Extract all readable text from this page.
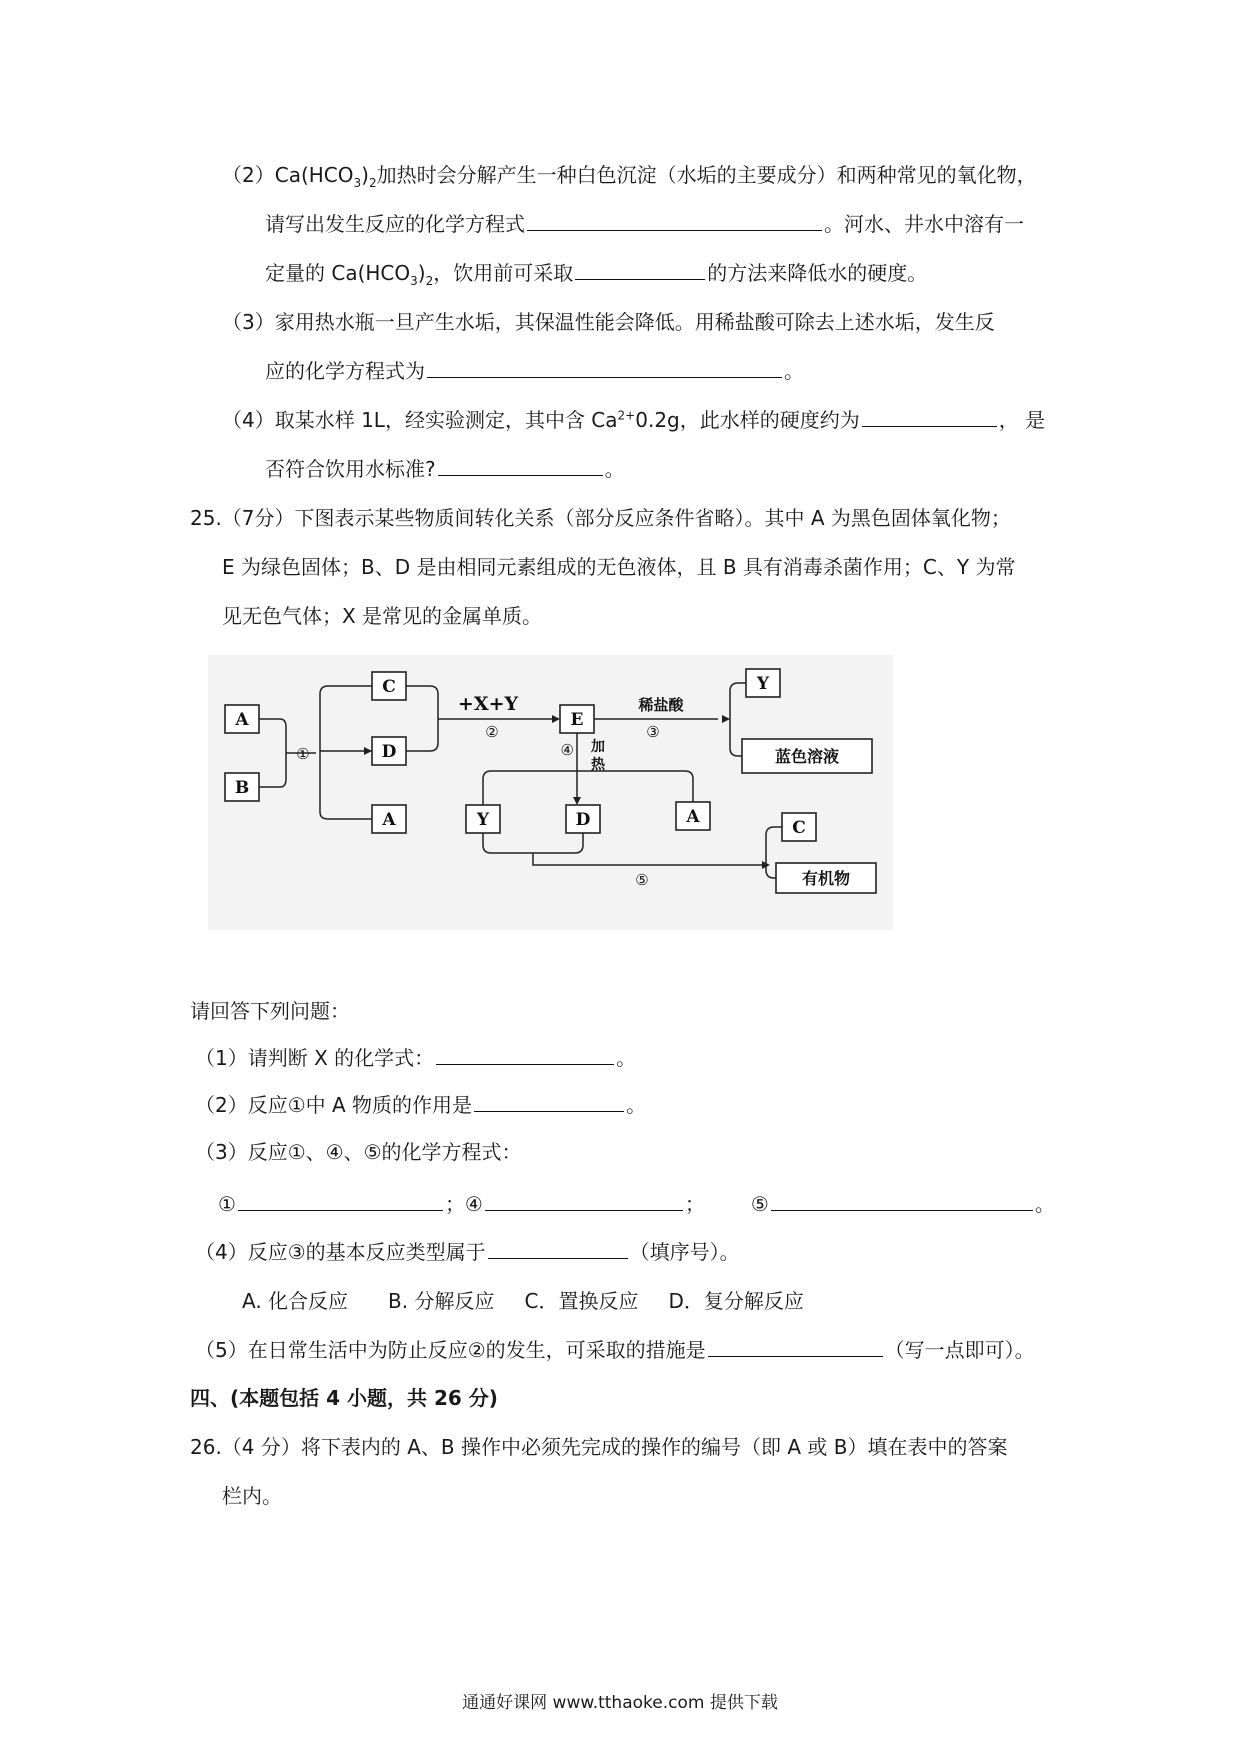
$(2)Ca(HCO_3)_2$加热时会分解产生一种白色沉淀（水垢的主要成分）和两种常见的氧化物，
请写出发生反应的化学方程式	。河水、井水中溶有一
定量的 $Ca(HCO_3)_2$，饮用前可采取	的方法来降低水的硬度。
（3）家用热水瓶一旦产生水垢，其保温性能会降低。用稀盐酸可除去上述水垢，发生反
应的化学方程式为	。
（4）取某水样 1L，经实验测定，其中含 $Ca^{2+}0.2g$，此水样的硬度约为	， 是
否符合饮用水标准?	。
25.（7分）下图表示某些物质间转化关系（部分反应条件省略）。其中 A 为黑色固体氧化物；
E 为绿色固体；B、D 是由相同元素组成的无色液体，且 B 具有消毒杀菌作用；C、Y 为常
见无色气体；X 是常见的金属单质。
A
B
C
D
A
E
Y
蓝色溶液
Y	D	A
C
有机物
+X+Y	稀盐酸
加
热
①
②	③
④
⑤
请回答下列问题：
（1）请判断 X 的化学式：	。
（2）反应①中 A 物质的作用是	。
（3）反应①、④、⑤的化学方程式：
①	；④	； ⑤	。
（4）反应③的基本反应类型属于	（填序号）。
A. 化合反应 B. 分解反应 C．置换反应 D．复分解反应
（5）在日常生活中为防止反应②的发生，可采取的措施是	（写一点即可）。
四、(本题包括 4 小题，共 26 分)
26.（4 分）将下表内的 A、B 操作中必须先完成的操作的编号（即 A 或 B）填在表中的答案
栏内。
通通好课网 www.tthaoke.com 提供下载
